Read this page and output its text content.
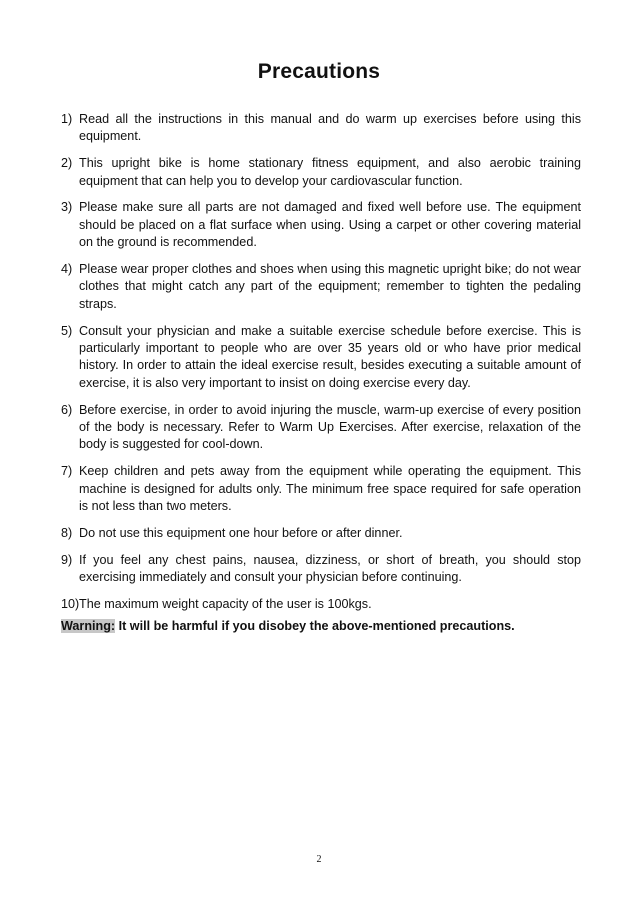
Precautions
1) Read all the instructions in this manual and do warm up exercises before using this equipment.
2) This upright bike is home stationary fitness equipment, and also aerobic training equipment that can help you to develop your cardiovascular function.
3) Please make sure all parts are not damaged and fixed well before use. The equipment should be placed on a flat surface when using. Using a carpet or other covering material on the ground is recommended.
4) Please wear proper clothes and shoes when using this magnetic upright bike; do not wear clothes that might catch any part of the equipment; remember to tighten the pedaling straps.
5) Consult your physician and make a suitable exercise schedule before exercise. This is particularly important to people who are over 35 years old or who have prior medical history. In order to attain the ideal exercise result, besides executing a suitable amount of exercise, it is also very important to insist on doing exercise every day.
6) Before exercise, in order to avoid injuring the muscle, warm-up exercise of every position of the body is necessary. Refer to Warm Up Exercises. After exercise, relaxation of the body is suggested for cool-down.
7) Keep children and pets away from the equipment while operating the equipment. This machine is designed for adults only. The minimum free space required for safe operation is not less than two meters.
8) Do not use this equipment one hour before or after dinner.
9) If you feel any chest pains, nausea, dizziness, or short of breath, you should stop exercising immediately and consult your physician before continuing.
10) The maximum weight capacity of the user is 100kgs.
Warning: It will be harmful if you disobey the above-mentioned precautions.
2
